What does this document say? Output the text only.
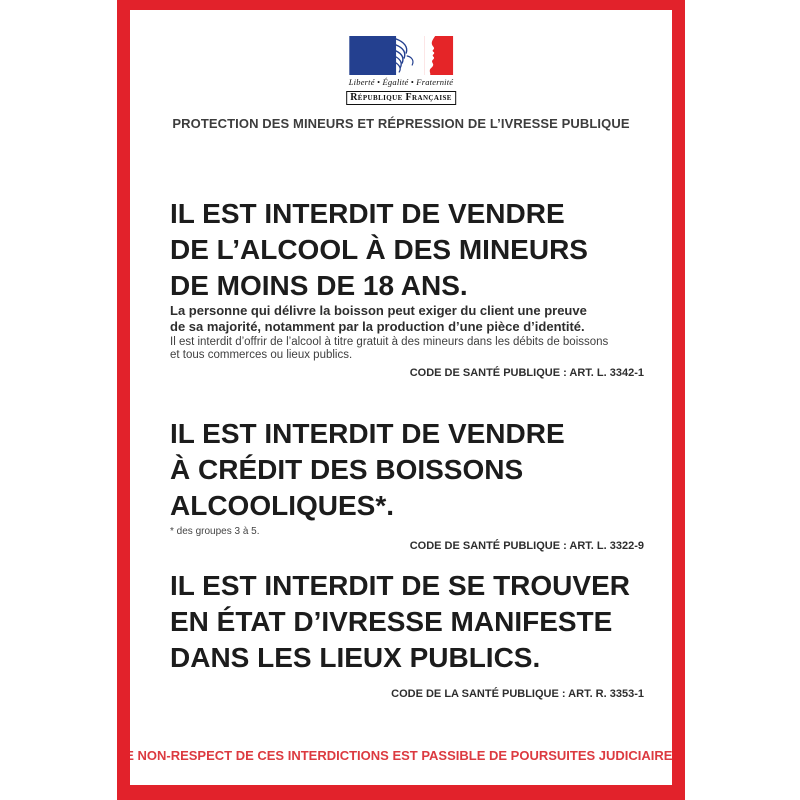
Liberté • Égalité • Fraternité
République Française
PROTECTION DES MINEURS ET RÉPRESSION DE L’IVRESSE PUBLIQUE
IL EST INTERDIT DE VENDRE
DE L’ALCOOL À DES MINEURS
DE MOINS DE 18 ANS.
La personne qui délivre la boisson peut exiger du client une preuve
de sa majorité, notamment par la production d’une pièce d’identité.
Il est interdit d’offrir de l’alcool à titre gratuit à des mineurs dans les débits de boissons
et tous commerces ou lieux publics.
CODE DE SANTÉ PUBLIQUE : ART. L. 3342-1
IL EST INTERDIT DE VENDRE
À CRÉDIT DES BOISSONS
ALCOOLIQUES*.
* des groupes 3 à 5.
CODE DE SANTÉ PUBLIQUE : ART. L. 3322-9
IL EST INTERDIT DE SE TROUVER
EN ÉTAT D’IVRESSE MANIFESTE
DANS LES LIEUX PUBLICS.
CODE DE LA SANTÉ PUBLIQUE : ART. R. 3353-1
LE NON-RESPECT DE CES INTERDICTIONS EST PASSIBLE DE POURSUITES JUDICIAIRES.
